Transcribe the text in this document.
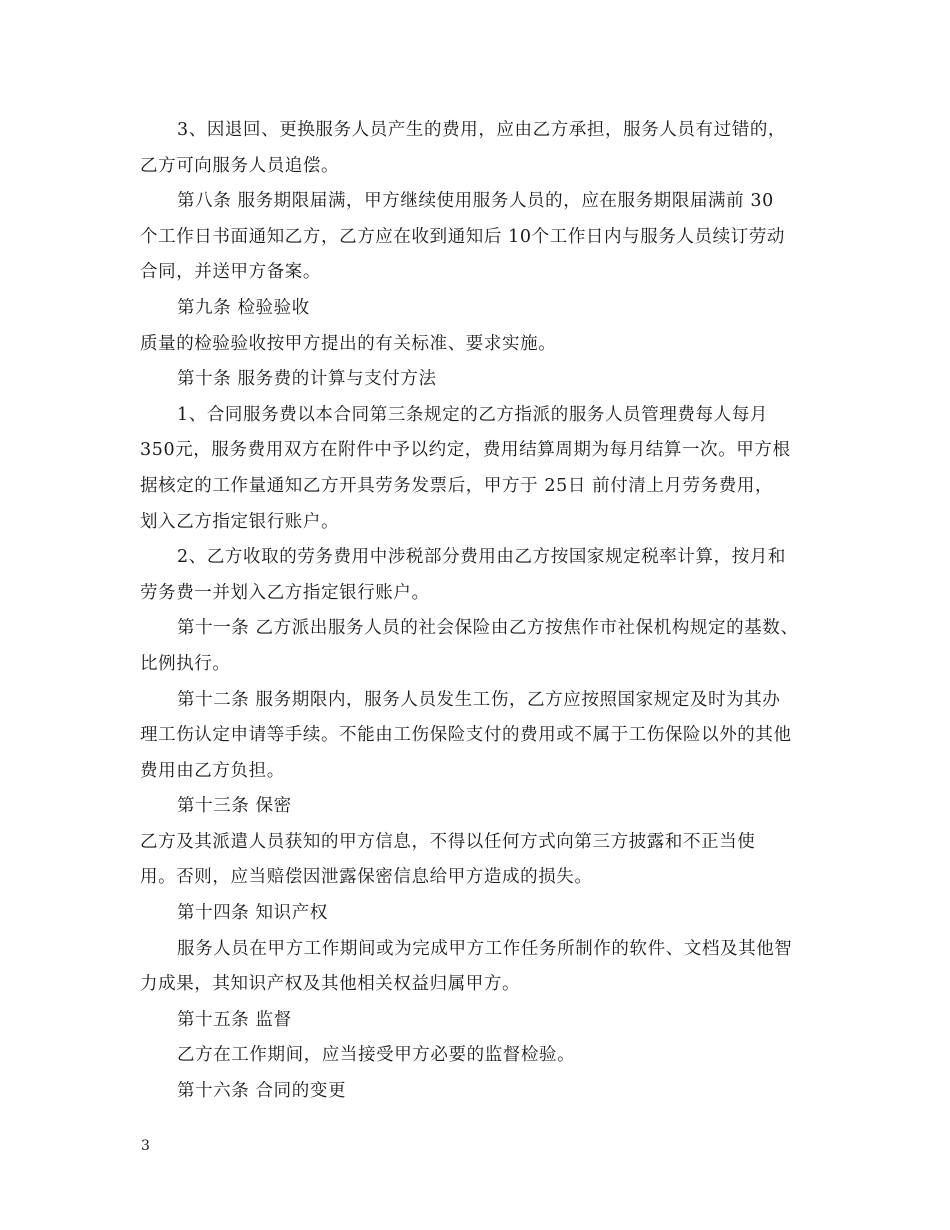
3、因退回、更换服务人员产生的费用，应由乙方承担，服务人员有过错的，

乙方可向服务人员追偿。

第八条 服务期限届满，甲方继续使用服务人员的，应在服务期限届满前 30

个工作日书面通知乙方，乙方应在收到通知后 10个工作日内与服务人员续订劳动

合同，并送甲方备案。

第九条 检验验收

质量的检验验收按甲方提出的有关标准、要求实施。

第十条 服务费的计算与支付方法

1、合同服务费以本合同第三条规定的乙方指派的服务人员管理费每人每月

350元，服务费用双方在附件中予以约定，费用结算周期为每月结算一次。甲方根

据核定的工作量通知乙方开具劳务发票后，甲方于 25日 前付清上月劳务费用，

划入乙方指定银行账户。

2、乙方收取的劳务费用中涉税部分费用由乙方按国家规定税率计算，按月和

劳务费一并划入乙方指定银行账户。

第十一条 乙方派出服务人员的社会保险由乙方按焦作市社保机构规定的基数、

比例执行。

第十二条 服务期限内，服务人员发生工伤，乙方应按照国家规定及时为其办

理工伤认定申请等手续。不能由工伤保险支付的费用或不属于工伤保险以外的其他

费用由乙方负担。

第十三条 保密

乙方及其派遣人员获知的甲方信息，不得以任何方式向第三方披露和不正当使

用。否则，应当赔偿因泄露保密信息给甲方造成的损失。

第十四条 知识产权

服务人员在甲方工作期间或为完成甲方工作任务所制作的软件、文档及其他智

力成果，其知识产权及其他相关权益归属甲方。

第十五条 监督

乙方在工作期间，应当接受甲方必要的监督检验。

第十六条 合同的变更

3
